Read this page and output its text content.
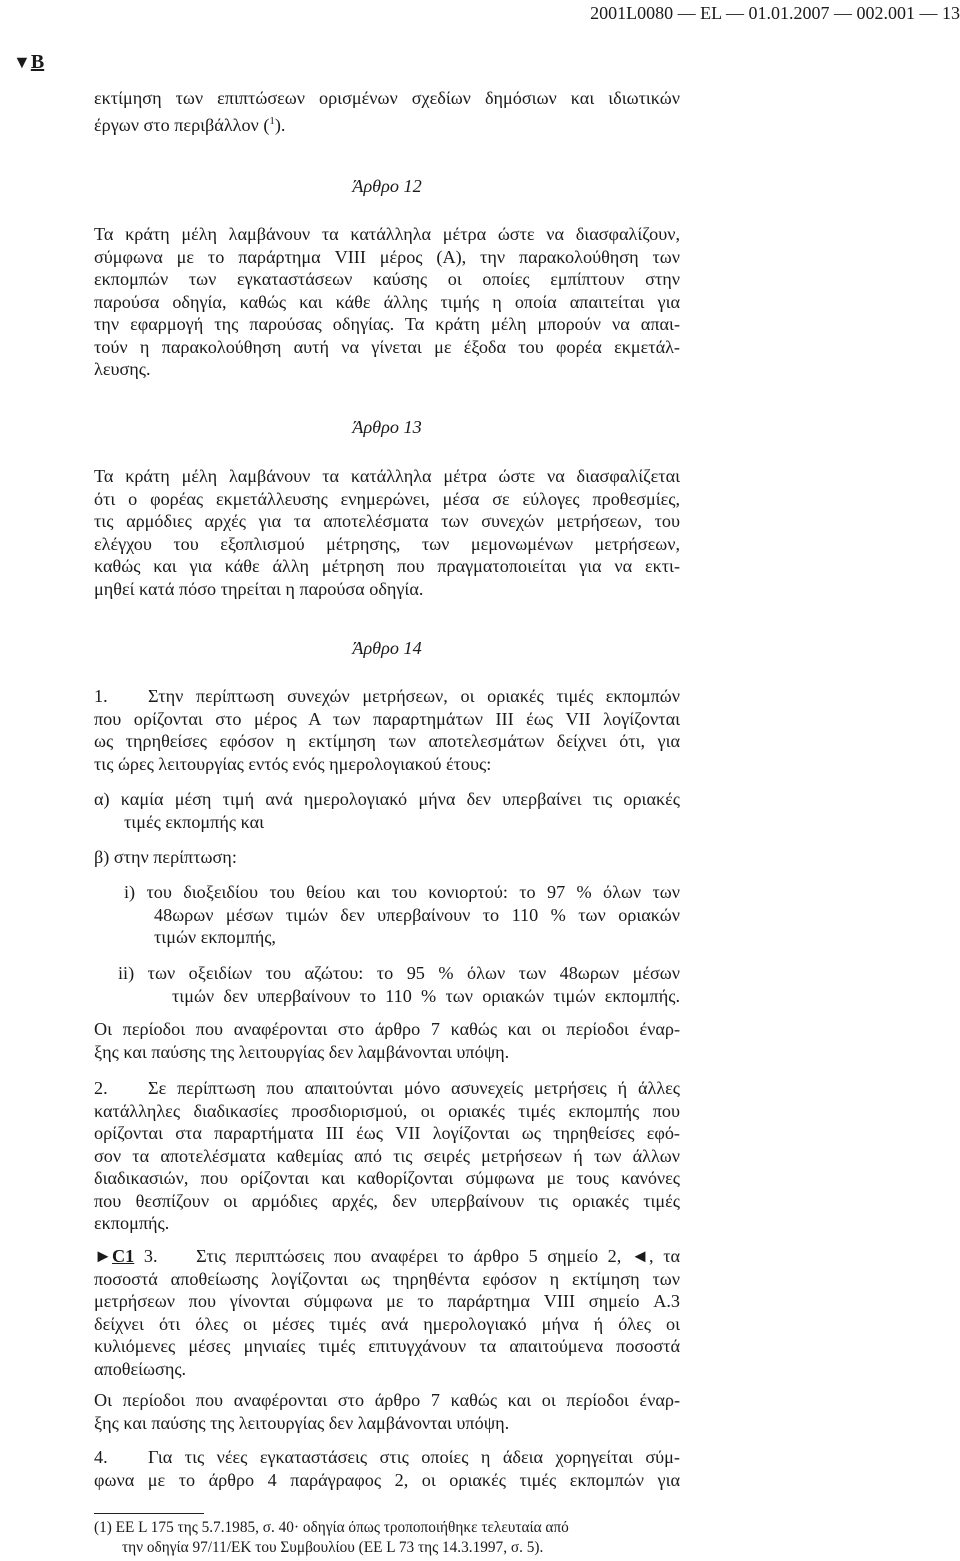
2001L0080 — EL — 01.01.2007 — 002.001 — 13
▼B
εκτίμηση των επιπτώσεων ορισμένων σχεδίων δημόσιων και ιδιωτικών
έργων στο περιβάλλον ($^1$).
Άρθρο 12
Τα κράτη μέλη λαμβάνουν τα κατάλληλα μέτρα ώστε να διασφαλίζουν,
σύμφωνα με το παράρτημα VIII μέρος (A), την παρακολούθηση των
εκπομπών των εγκαταστάσεων καύσης οι οποίες εμπίπτουν στην
παρούσα οδηγία, καθώς και κάθε άλλης τιμής η οποία απαιτείται για
την εφαρμογή της παρούσας οδηγίας. Τα κράτη μέλη μπορούν να απαι-
τούν η παρακολούθηση αυτή να γίνεται με έξοδα του φορέα εκμετάλ-
λευσης.
Άρθρο 13
Τα κράτη μέλη λαμβάνουν τα κατάλληλα μέτρα ώστε να διασφαλίζεται
ότι ο φορέας εκμετάλλευσης ενημερώνει, μέσα σε εύλογες προθεσμίες,
τις αρμόδιες αρχές για τα αποτελέσματα των συνεχών μετρήσεων, του
ελέγχου του εξοπλισμού μέτρησης, των μεμονωμένων μετρήσεων,
καθώς και για κάθε άλλη μέτρηση που πραγματοποιείται για να εκτι-
μηθεί κατά πόσο τηρείται η παρούσα οδηγία.
Άρθρο 14
1. Στην περίπτωση συνεχών μετρήσεων, οι οριακές τιμές εκπομπών
που ορίζονται στο μέρος Α των παραρτημάτων III έως VII λογίζονται
ως τηρηθείσες εφόσον η εκτίμηση των αποτελεσμάτων δείχνει ότι, για
τις ώρες λειτουργίας εντός ενός ημερολογιακού έτους:
α) καμία μέση τιμή ανά ημερολογιακό μήνα δεν υπερβαίνει τις οριακές
τιμές εκπομπής και
β) στην περίπτωση:
i) του διοξειδίου του θείου και του κονιορτού: το 97 % όλων των
48ωρων μέσων τιμών δεν υπερβαίνουν το 110 % των οριακών
τιμών εκπομπής,
ii) των οξειδίων του αζώτου: το 95 % όλων των 48ωρων μέσων
τιμών δεν υπερβαίνουν το 110 % των οριακών τιμών εκπομπής.
Οι περίοδοι που αναφέρονται στο άρθρο 7 καθώς και οι περίοδοι έναρ-
ξης και παύσης της λειτουργίας δεν λαμβάνονται υπόψη.
2. Σε περίπτωση που απαιτούνται μόνο ασυνεχείς μετρήσεις ή άλλες
κατάλληλες διαδικασίες προσδιορισμού, οι οριακές τιμές εκπομπής που
ορίζονται στα παραρτήματα III έως VII λογίζονται ως τηρηθείσες εφό-
σον τα αποτελέσματα καθεμίας από τις σειρές μετρήσεων ή των άλλων
διαδικασιών, που ορίζονται και καθορίζονται σύμφωνα με τους κανόνες
που θεσπίζουν οι αρμόδιες αρχές, δεν υπερβαίνουν τις οριακές τιμές
εκπομπής.
►C1 3. Στις περιπτώσεις που αναφέρει το άρθρο 5 σημείο 2, ◄, τα
ποσοστά αποθείωσης λογίζονται ως τηρηθέντα εφόσον η εκτίμηση των
μετρήσεων που γίνονται σύμφωνα με το παράρτημα VIII σημείο A.3
δείχνει ότι όλες οι μέσες τιμές ανά ημερολογιακό μήνα ή όλες οι
κυλιόμενες μέσες μηνιαίες τιμές επιτυγχάνουν τα απαιτούμενα ποσοστά
αποθείωσης.
Οι περίοδοι που αναφέρονται στο άρθρο 7 καθώς και οι περίοδοι έναρ-
ξης και παύσης της λειτουργίας δεν λαμβάνονται υπόψη.
4. Για τις νέες εγκαταστάσεις στις οποίες η άδεια χορηγείται σύμ-
φωνα με το άρθρο 4 παράγραφος 2, οι οριακές τιμές εκπομπών για
(1) ΕΕ L 175 της 5.7.1985, σ. 40· οδηγία όπως τροποποιήθηκε τελευταία από
την οδηγία 97/11/ΕΚ του Συμβουλίου (ΕΕ L 73 της 14.3.1997, σ. 5).
